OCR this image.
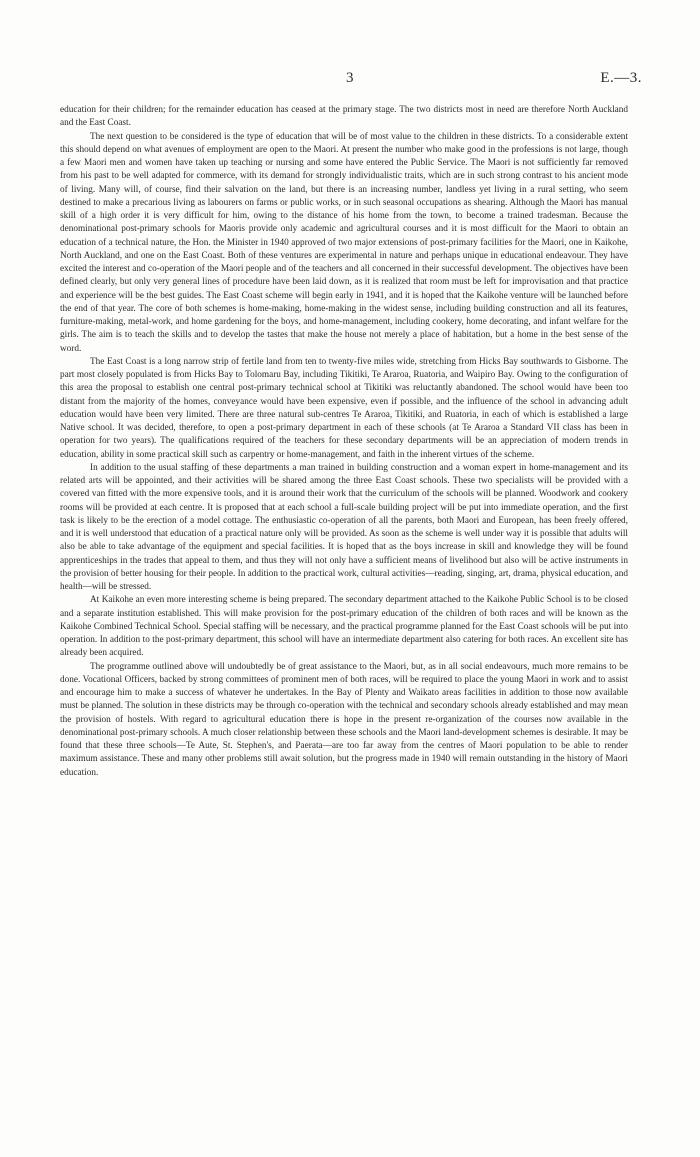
3	E.—3.

education for their children; for the remainder education has ceased at the primary stage. The two districts most in need are therefore North Auckland and the East Coast.

The next question to be considered is the type of education that will be of most value to the children in these districts. To a considerable extent this should depend on what avenues of employment are open to the Maori. At present the number who make good in the professions is not large, though a few Maori men and women have taken up teaching or nursing and some have entered the Public Service. The Maori is not sufficiently far removed from his past to be well adapted for commerce, with its demand for strongly individualistic traits, which are in such strong contrast to his ancient mode of living. Many will, of course, find their salvation on the land, but there is an increasing number, landless yet living in a rural setting, who seem destined to make a precarious living as labourers on farms or public works, or in such seasonal occupations as shearing. Although the Maori has manual skill of a high order it is very difficult for him, owing to the distance of his home from the town, to become a trained tradesman. Because the denominational post-primary schools for Maoris provide only academic and agricultural courses and it is most difficult for the Maori to obtain an education of a technical nature, the Hon. the Minister in 1940 approved of two major extensions of post-primary facilities for the Maori, one in Kaikohe, North Auckland, and one on the East Coast. Both of these ventures are experimental in nature and perhaps unique in educational endeavour. They have excited the interest and co-operation of the Maori people and of the teachers and all concerned in their successful development. The objectives have been defined clearly, but only very general lines of procedure have been laid down, as it is realized that room must be left for improvisation and that practice and experience will be the best guides. The East Coast scheme will begin early in 1941, and it is hoped that the Kaikohe venture will be launched before the end of that year. The core of both schemes is home-making, home-making in the widest sense, including building construction and all its features, furniture-making, metal-work, and home gardening for the boys, and home-management, including cookery, home decorating, and infant welfare for the girls. The aim is to teach the skills and to develop the tastes that make the house not merely a place of habitation, but a home in the best sense of the word.

The East Coast is a long narrow strip of fertile land from ten to twenty-five miles wide, stretching from Hicks Bay southwards to Gisborne. The part most closely populated is from Hicks Bay to Tolomaru Bay, including Tikitiki, Te Araroa, Ruatoria, and Waipiro Bay. Owing to the configuration of this area the proposal to establish one central post-primary technical school at Tikitiki was reluctantly abandoned. The school would have been too distant from the majority of the homes, conveyance would have been expensive, even if possible, and the influence of the school in advancing adult education would have been very limited. There are three natural sub-centres Te Araroa, Tikitiki, and Ruatoria, in each of which is established a large Native school. It was decided, therefore, to open a post-primary department in each of these schools (at Te Araroa a Standard VII class has been in operation for two years). The qualifications required of the teachers for these secondary departments will be an appreciation of modern trends in education, ability in some practical skill such as carpentry or home-management, and faith in the inherent virtues of the scheme.

In addition to the usual staffing of these departments a man trained in building construction and a woman expert in home-management and its related arts will be appointed, and their activities will be shared among the three East Coast schools. These two specialists will be provided with a covered van fitted with the more expensive tools, and it is around their work that the curriculum of the schools will be planned. Woodwork and cookery rooms will be provided at each centre. It is proposed that at each school a full-scale building project will be put into immediate operation, and the first task is likely to be the erection of a model cottage. The enthusiastic co-operation of all the parents, both Maori and European, has been freely offered, and it is well understood that education of a practical nature only will be provided. As soon as the scheme is well under way it is possible that adults will also be able to take advantage of the equipment and special facilities. It is hoped that as the boys increase in skill and knowledge they will be found apprenticeships in the trades that appeal to them, and thus they will not only have a sufficient means of livelihood but also will be active instruments in the provision of better housing for their people. In addition to the practical work, cultural activities—reading, singing, art, drama, physical education, and health—will be stressed.

At Kaikohe an even more interesting scheme is being prepared. The secondary department attached to the Kaikohe Public School is to be closed and a separate institution established. This will make provision for the post-primary education of the children of both races and will be known as the Kaikohe Combined Technical School. Special staffing will be necessary, and the practical programme planned for the East Coast schools will be put into operation. In addition to the post-primary department, this school will have an intermediate department also catering for both races. An excellent site has already been acquired.

The programme outlined above will undoubtedly be of great assistance to the Maori, but, as in all social endeavours, much more remains to be done. Vocational Officers, backed by strong committees of prominent men of both races, will be required to place the young Maori in work and to assist and encourage him to make a success of whatever he undertakes. In the Bay of Plenty and Waikato areas facilities in addition to those now available must be planned. The solution in these districts may be through co-operation with the technical and secondary schools already established and may mean the provision of hostels. With regard to agricultural education there is hope in the present re-organization of the courses now available in the denominational post-primary schools. A much closer relationship between these schools and the Maori land-development schemes is desirable. It may be found that these three schools—Te Aute, St. Stephen's, and Paerata—are too far away from the centres of Maori population to be able to render maximum assistance. These and many other problems still await solution, but the progress made in 1940 will remain outstanding in the history of Maori education.
